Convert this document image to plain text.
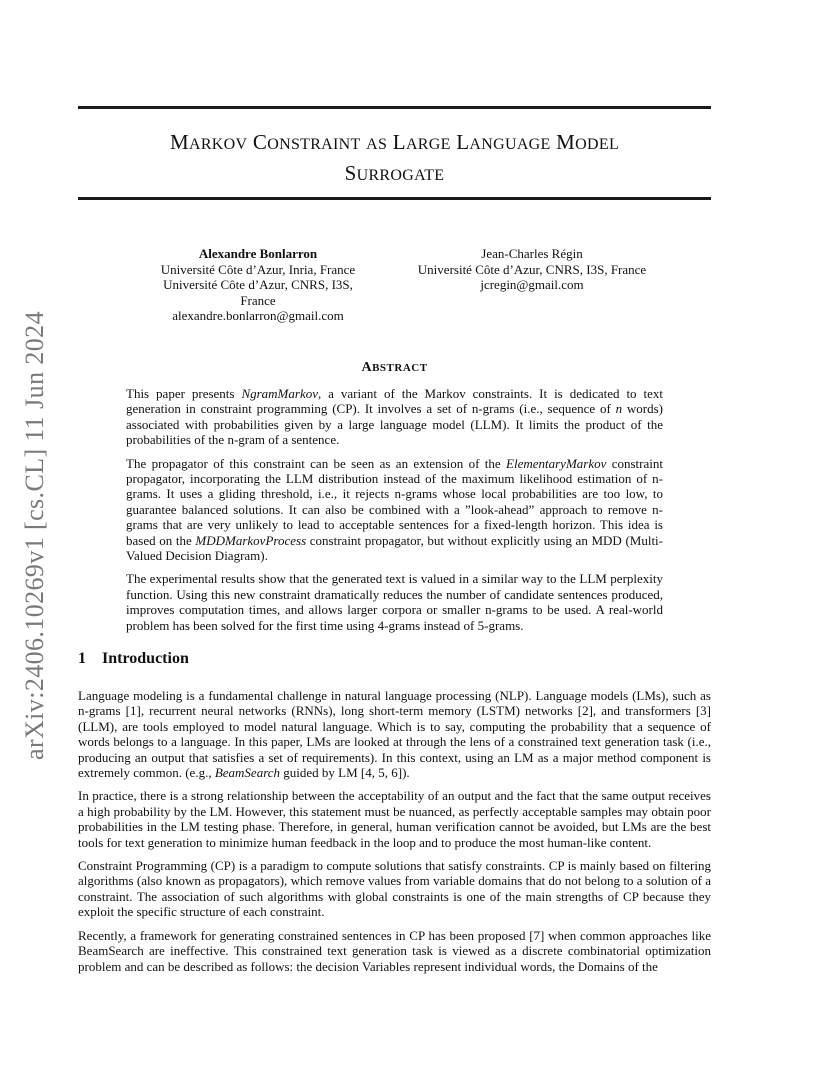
MARKOV CONSTRAINT AS LARGE LANGUAGE MODEL
SURROGATE
Alexandre Bonlarron
Université Côte d’Azur, Inria, France
Université Côte d’Azur, CNRS, I3S, France
alexandre.bonlarron@gmail.com
Jean-Charles Régin
Université Côte d’Azur, CNRS, I3S, France
jcregin@gmail.com
arXiv:2406.10269v1 [cs.CL] 11 Jun 2024	ABSTRACT

This paper presents NgramMarkov, a variant of the Markov constraints. It is dedicated to text generation in constraint programming (CP). It involves a set of n-grams (i.e., sequence of n words) associated with probabilities given by a large language model (LLM). It limits the product of the probabilities of the n-gram of a sentence.

The propagator of this constraint can be seen as an extension of the ElementaryMarkov constraint propagator, incorporating the LLM distribution instead of the maximum likelihood estimation of n-grams. It uses a gliding threshold, i.e., it rejects n-grams whose local probabilities are too low, to guarantee balanced solutions. It can also be combined with a ”look-ahead” approach to remove n-grams that are very unlikely to lead to acceptable sentences for a fixed-length horizon. This idea is based on the MDDMarkovProcess constraint propagator, but without explicitly using an MDD (Multi-Valued Decision Diagram).

The experimental results show that the generated text is valued in a similar way to the LLM perplexity function. Using this new constraint dramatically reduces the number of candidate sentences produced, improves computation times, and allows larger corpora or smaller n-grams to be used. A real-world problem has been solved for the first time using 4-grams instead of 5-grams.

1 Introduction

Language modeling is a fundamental challenge in natural language processing (NLP). Language models (LMs), such as n-grams [1], recurrent neural networks (RNNs), long short-term memory (LSTM) networks [2], and transformers [3] (LLM), are tools employed to model natural language. Which is to say, computing the probability that a sequence of words belongs to a language. In this paper, LMs are looked at through the lens of a constrained text generation task (i.e., producing an output that satisfies a set of requirements). In this context, using an LM as a major method component is extremely common. (e.g., BeamSearch guided by LM [4, 5, 6]).

In practice, there is a strong relationship between the acceptability of an output and the fact that the same output receives a high probability by the LM. However, this statement must be nuanced, as perfectly acceptable samples may obtain poor probabilities in the LM testing phase. Therefore, in general, human verification cannot be avoided, but LMs are the best tools for text generation to minimize human feedback in the loop and to produce the most human-like content.

Constraint Programming (CP) is a paradigm to compute solutions that satisfy constraints. CP is mainly based on filtering algorithms (also known as propagators), which remove values from variable domains that do not belong to a solution of a constraint. The association of such algorithms with global constraints is one of the main strengths of CP because they exploit the specific structure of each constraint.

Recently, a framework for generating constrained sentences in CP has been proposed [7] when common approaches like BeamSearch are ineffective. This constrained text generation task is viewed as a discrete combinatorial optimization problem and can be described as follows: the decision Variables represent individual words, the Domains of the
